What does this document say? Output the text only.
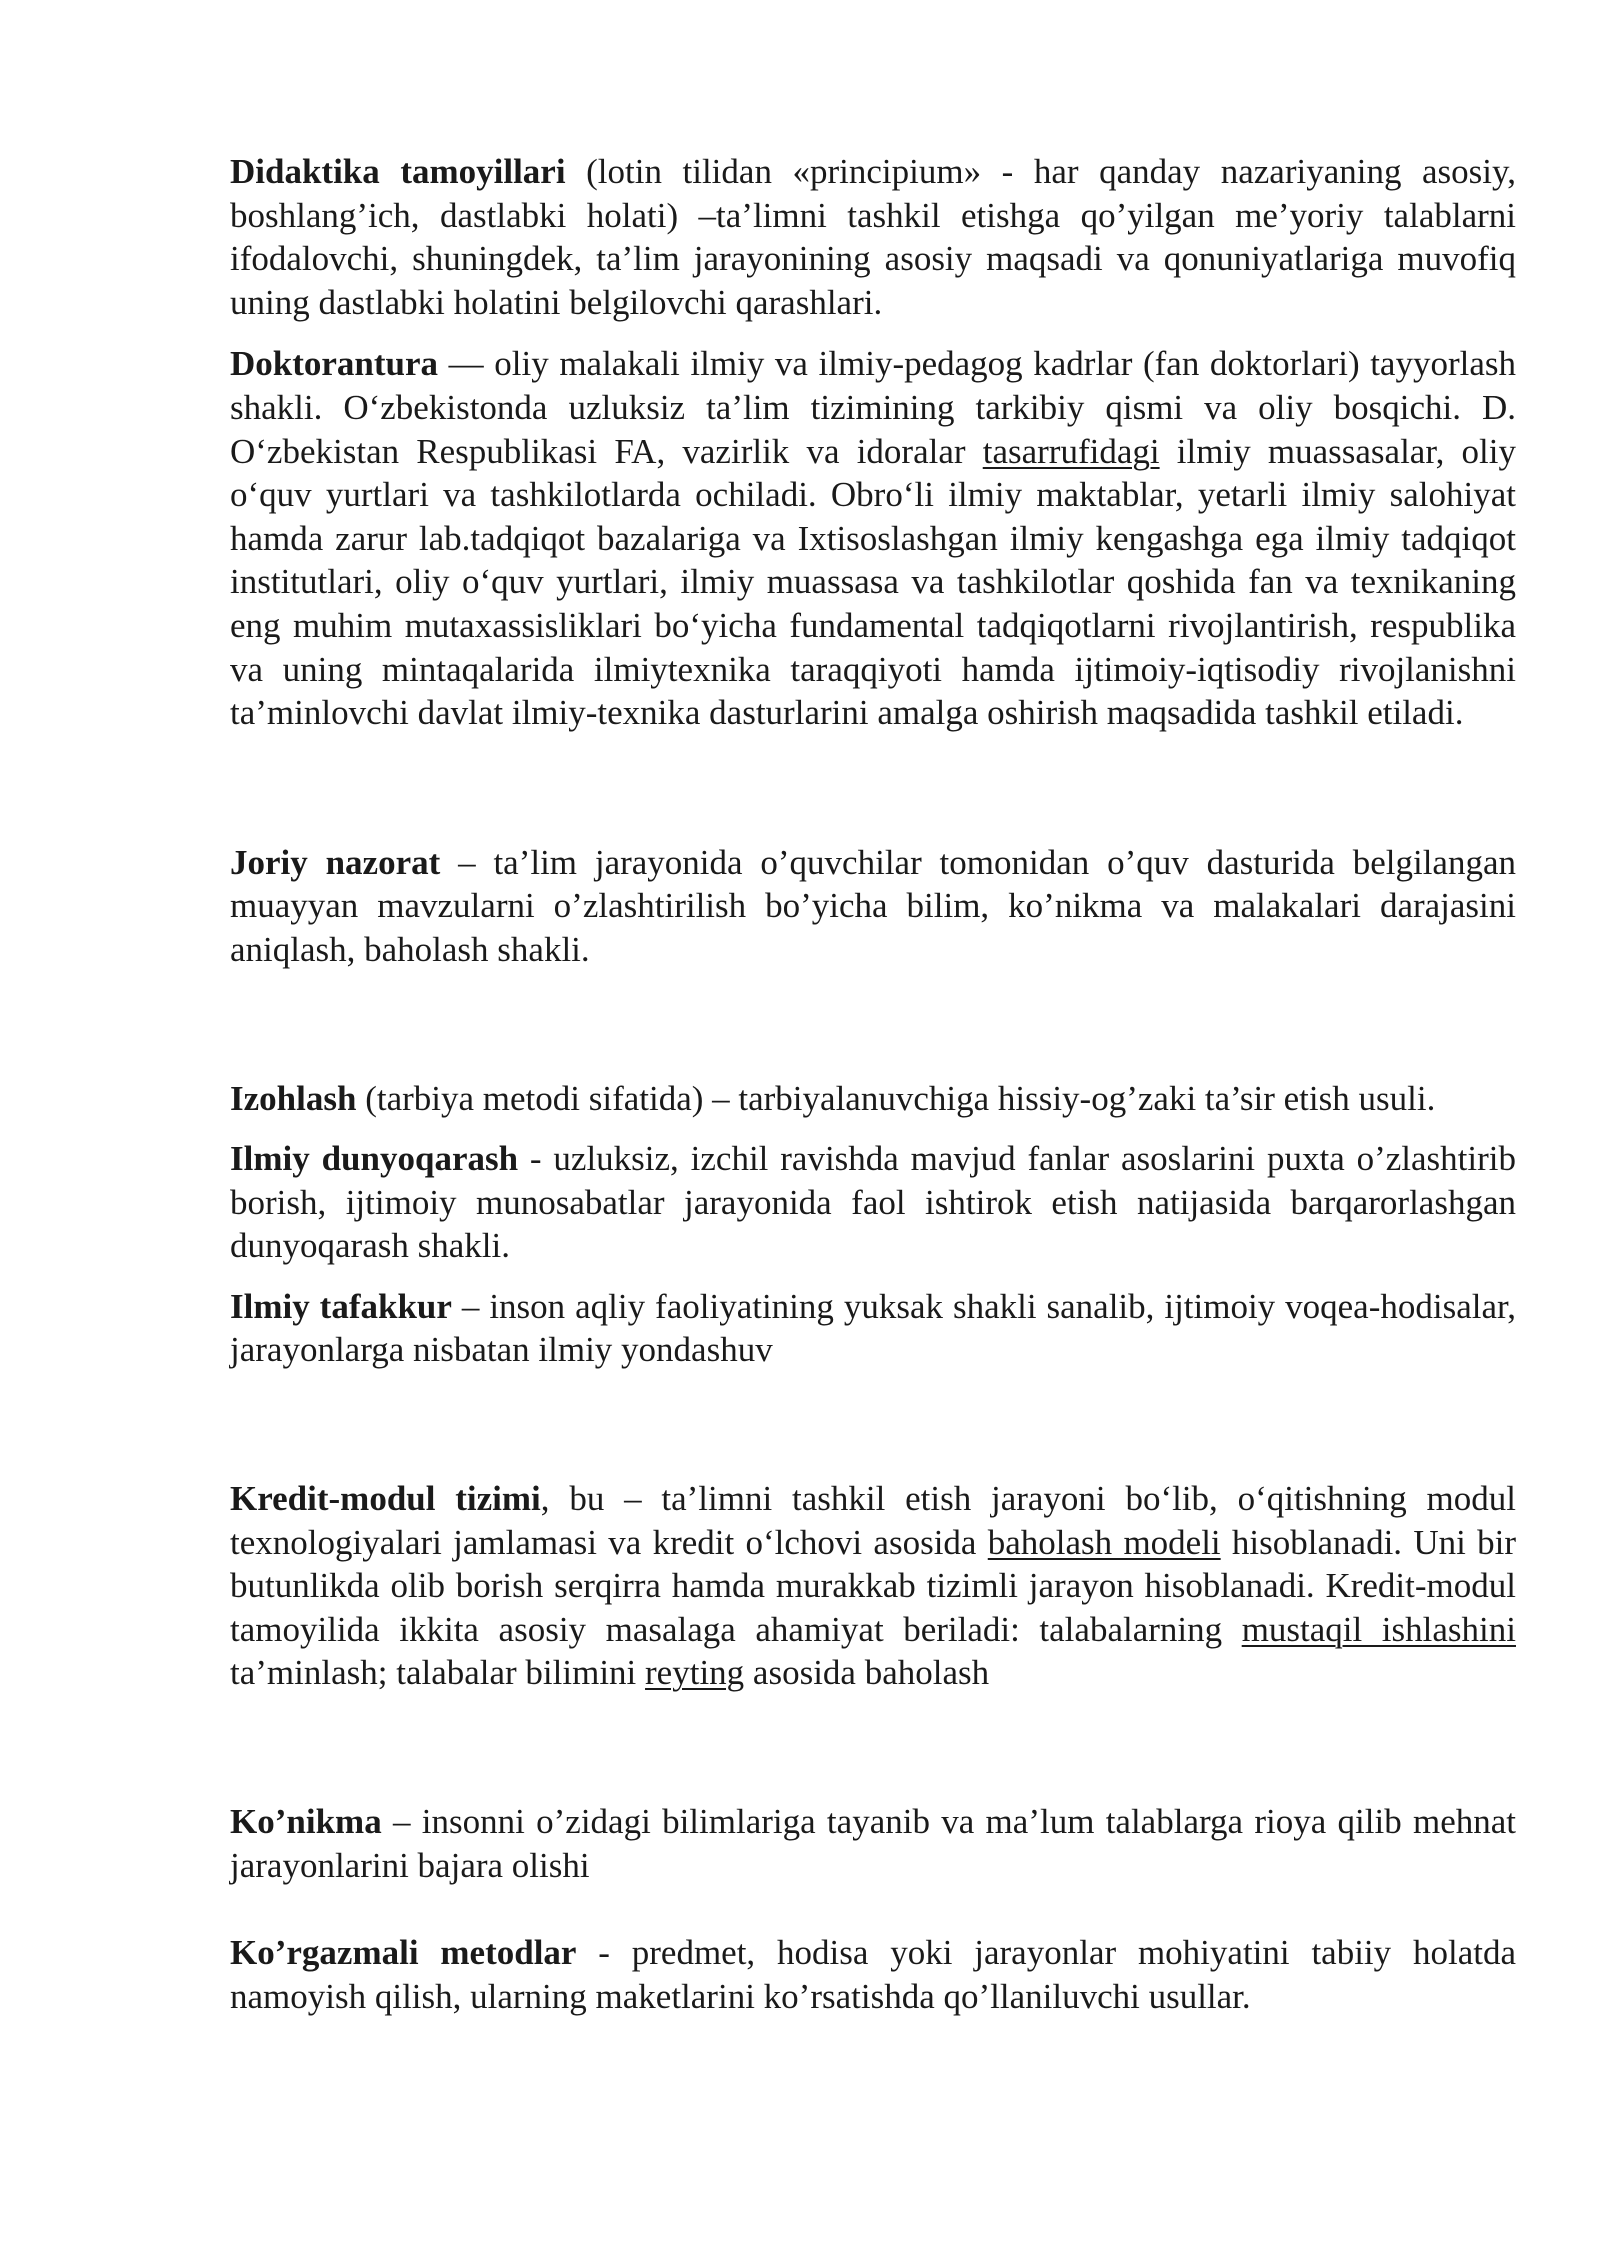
Didaktika tamoyillari (lotin tilidan «principium» - har qanday nazariyaning asosiy, boshlang’ich, dastlabki holati) –ta’limni tashkil etishga qo’yilgan me’yoriy talablarni ifodalovchi, shuningdek, ta’lim jarayonining asosiy maqsadi va qonuniyatlariga muvofiq uning dastlabki holatini belgilovchi qarashlari.

Doktorantura — oliy malakali ilmiy va ilmiy-pedagog kadrlar (fan doktorlari) tayyorlash shakli. O‘zbekistonda uzluksiz ta’lim tizimining tarkibiy qismi va oliy bosqichi. D. O‘zbekistan Respublikasi FA, vazirlik va idoralar tasarrufidagi ilmiy muassasalar, oliy o‘quv yurtlari va tashkilotlarda ochiladi. Obro‘li ilmiy maktablar, yetarli ilmiy salohiyat hamda zarur lab.tadqiqot bazalariga va Ixtisoslashgan ilmiy kengashga ega ilmiy tadqiqot institutlari, oliy o‘quv yurtlari, ilmiy muassasa va tashkilotlar qoshida fan va texnikaning eng muhim mutaxassisliklari bo‘yicha fundamental tadqiqotlarni rivojlantirish, respublika va uning mintaqalarida ilmiytexnika taraqqiyoti hamda ijtimoiy-iqtisodiy rivojlanishni ta’minlovchi davlat ilmiy-texnika dasturlarini amalga oshirish maqsadida tashkil etiladi.

Joriy nazorat – ta’lim jarayonida o’quvchilar tomonidan o’quv dasturida belgilangan muayyan mavzularni o’zlashtirilish bo’yicha bilim, ko’nikma va malakalari darajasini aniqlash, baholash shakli.

Izohlash (tarbiya metodi sifatida) – tarbiyalanuvchiga hissiy-og’zaki ta’sir etish usuli.

Ilmiy dunyoqarash - uzluksiz, izchil ravishda mavjud fanlar asoslarini puxta o’zlashtirib borish, ijtimoiy munosabatlar jarayonida faol ishtirok etish natijasida barqarorlashgan dunyoqarash shakli.

Ilmiy tafakkur – inson aqliy faoliyatining yuksak shakli sanalib, ijtimoiy voqea-hodisalar, jarayonlarga nisbatan ilmiy yondashuv

Kredit-modul tizimi, bu – ta’limni tashkil etish jarayoni bo‘lib, o‘qitishning modul texnologiyalari jamlamasi va kredit o‘lchovi asosida baholash modeli hisoblanadi. Uni bir butunlikda olib borish serqirra hamda murakkab tizimli jarayon hisoblanadi. Kredit-modul tamoyilida ikkita asosiy masalaga ahamiyat beriladi: talabalarning mustaqil ishlashini ta’minlash; talabalar bilimini reyting asosida baholash

Ko’nikma – insonni o’zidagi bilimlariga tayanib va ma’lum talablarga rioya qilib mehnat jarayonlarini bajara olishi

Ko’rgazmali metodlar - predmet, hodisa yoki jarayonlar mohiyatini tabiiy holatda namoyish qilish, ularning maketlarini ko’rsatishda qo’llaniluvchi usullar.
